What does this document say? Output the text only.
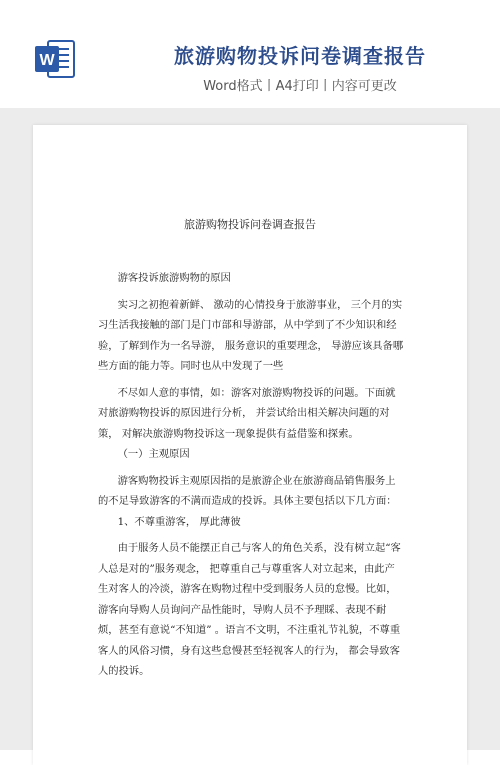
W	旅游购物投诉问卷调查报告
Word格式丨A4打印丨内容可更改
旅游购物投诉问卷调查报告

游客投诉旅游购物的原因

实习之初抱着新鲜、 激动的心情投身于旅游事业， 三个月的实习生活我接触的部门是门市部和导游部，从中学到了不少知识和经验，了解到作为一名导游， 服务意识的重要理念， 导游应该具备哪些方面的能力等。同时也从中发现了一些

不尽如人意的事情，如：游客对旅游购物投诉的问题。下面就对旅游购物投诉的原因进行分析， 并尝试给出相关解决问题的对策， 对解决旅游购物投诉这一现象提供有益借鉴和探索。

（一）主观原因

游客购物投诉主观原因指的是旅游企业在旅游商品销售服务上的不足导致游客的不满而造成的投诉。具体主要包括以下几方面：

1、不尊重游客， 厚此薄彼

由于服务人员不能摆正自己与客人的角色关系，没有树立起“客人总是对的”服务观念， 把尊重自己与尊重客人对立起来，由此产生对客人的冷淡，游客在购物过程中受到服务人员的怠慢。比如，游客向导购人员询问产品性能时，导购人员不予理睬、表现不耐烦，甚至有意说“不知道” 。语言不文明，不注重礼节礼貌，不尊重客人的风俗习惯，身有这些怠慢甚至轻视客人的行为， 都会导致客人的投诉。
